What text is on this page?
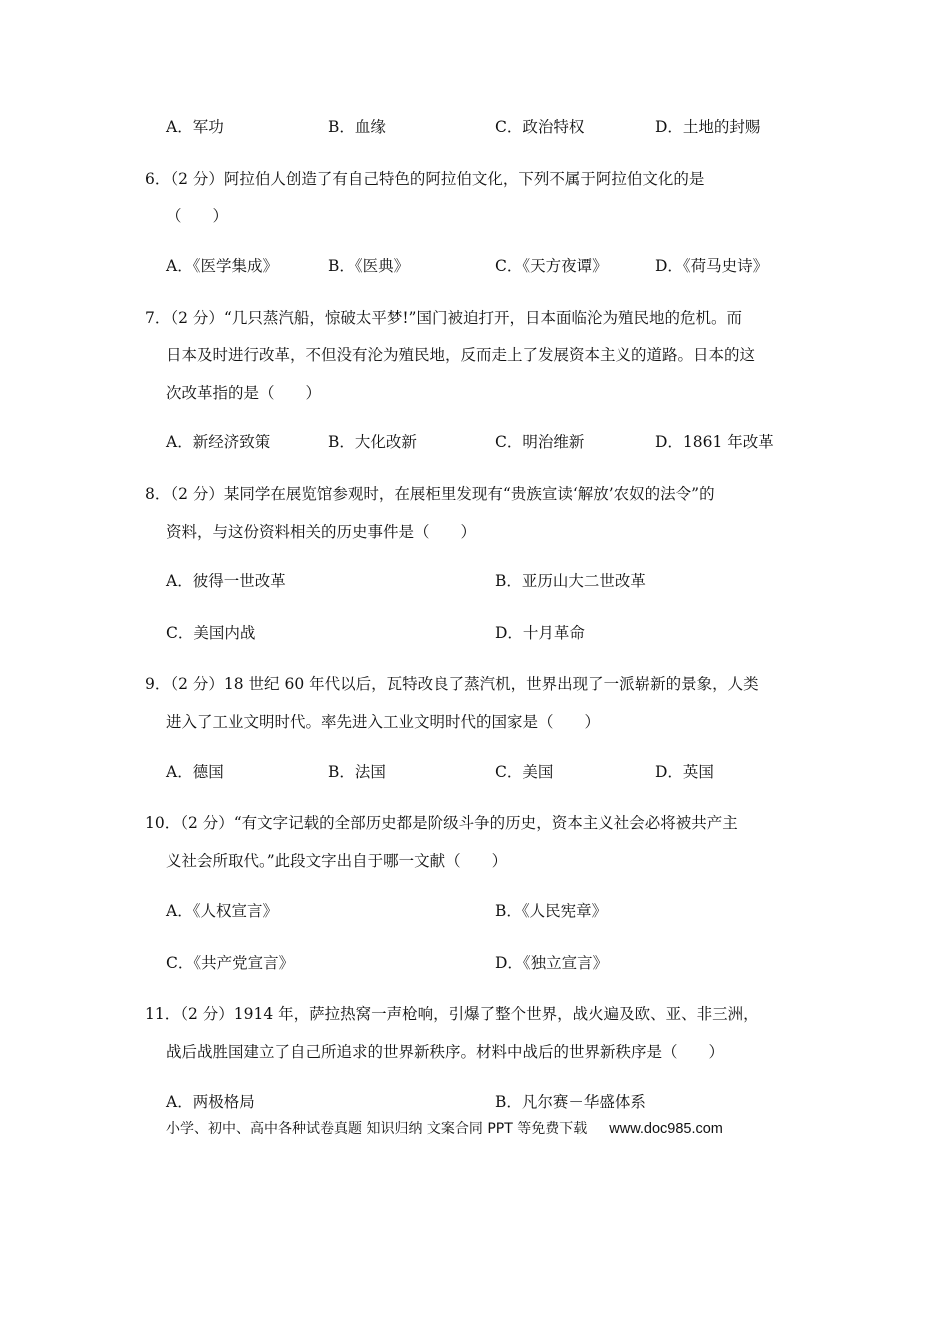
A．军功	B．血缘	C．政治特权	D．土地的封赐
6．（2 分）阿拉伯人创造了有自己特色的阿拉伯文化，下列不属于阿拉伯文化的是
（　　）
A．《医学集成》	B．《医典》	C．《天方夜谭》	D．《荷马史诗》
7．（2 分）“几只蒸汽船，惊破太平梦!”国门被迫打开，日本面临沦为殖民地的危机。而
日本及时进行改革，不但没有沦为殖民地，反而走上了发展资本主义的道路。日本的这
次改革指的是（　　）
A．新经济致策	B．大化改新	C．明治维新	D．1861 年改革
8．（2 分）某同学在展览馆参观时，在展柜里发现有“贵族宣读‘解放’农奴的法令”的
资料，与这份资料相关的历史事件是（　　）
A．彼得一世改革	B．亚历山大二世改革
C．美国内战	D．十月革命
9．（2 分）18 世纪 60 年代以后，瓦特改良了蒸汽机，世界出现了一派崭新的景象，人类
进入了工业文明时代。率先进入工业文明时代的国家是（　　）
A．德国	B．法国	C．美国	D．英国
10．（2 分）“有文字记载的全部历史都是阶级斗争的历史，资本主义社会必将被共产主
义社会所取代。”此段文字出自于哪一文献（　　）
A．《人权宣言》	B．《人民宪章》
C．《共产党宣言》	D．《独立宣言》
11．（2 分）1914 年，萨拉热窝一声枪响，引爆了整个世界，战火遍及欧、亚、非三洲，
战后战胜国建立了自己所追求的世界新秩序。材料中战后的世界新秩序是（　　）
A．两极格局	B．凡尔赛－华盛体系
小学、初中、高中各种试卷真题 知识归纳 文案合同 PPT 等免费下载 www.doc985.com
